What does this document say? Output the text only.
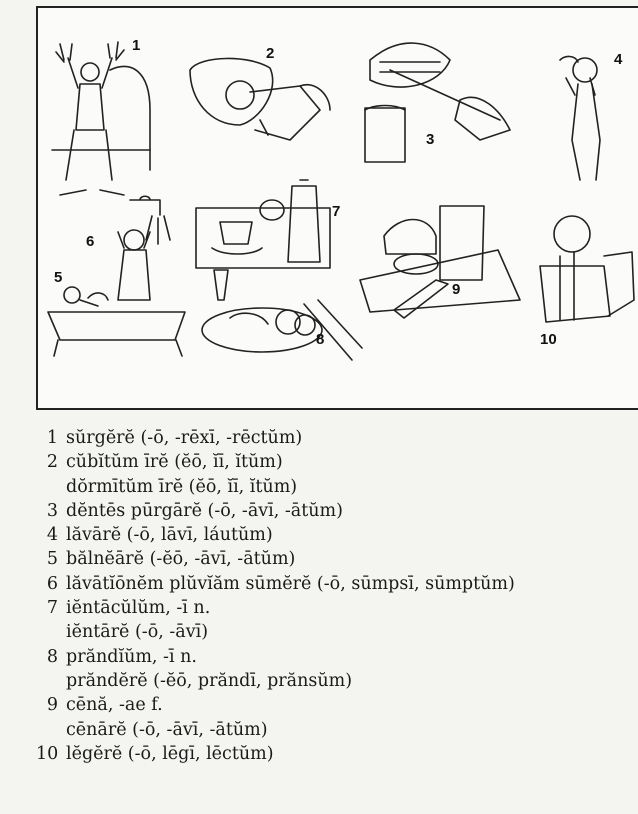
1	2
3
4
5
6
7
8
9
10
1 sŭrgĕrĕ (-ō, -rēxī, -rēctŭm)
2 cŭbĭtŭm īrĕ (ĕō, ĭī, ĭtŭm)
dŏrmītŭm īrĕ (ĕō, ĭī, ĭtŭm)
3 dĕntēs pūrgārĕ (-ō, -āvī, -ātŭm)
4 lăvārĕ (-ō, lāvī, láutŭm)
5 bălnĕārĕ (-ĕō, -āvī, -ātŭm)
6 lăvātĭōnĕm plŭvĭăm sūmĕrĕ (-ō, sūmpsī, sūmptŭm)
7 iĕntācŭlŭm, -ī n.
iĕntārĕ (-ō, -āvī)
8 prăndĭŭm, -ī n.
prăndĕrĕ (-ĕō, prăndī, prănsŭm)
9 cēnă, -ae f.
cēnārĕ (-ō, -āvī, -ātŭm)
10 lĕgĕrĕ (-ō, lēgī, lēctŭm)
